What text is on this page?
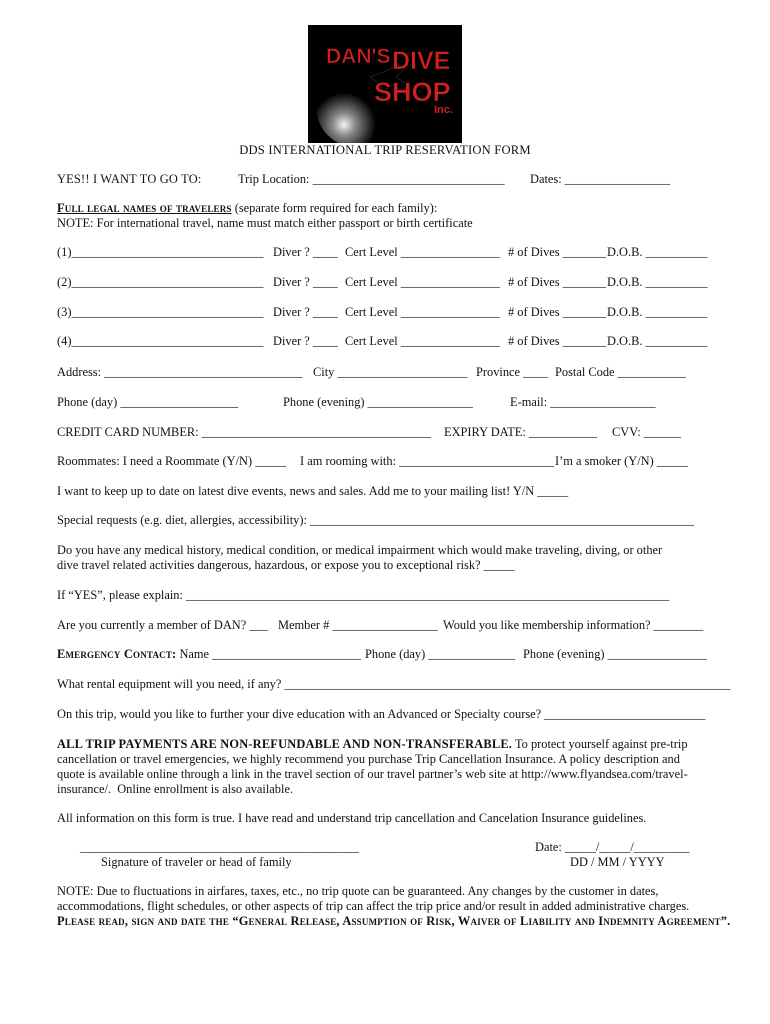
DAN'S DIVE
SHOP
Inc.
DDS INTERNATIONAL TRIP RESERVATION FORM
YES!! I WANT TO GO TO:	Trip Location: _______________________________ Dates: _________________
Full legal names of travelers (separate form required for each family):
NOTE: For international travel, name must match either passport or birth certificate
(1)_______________________________ Diver ? ____ Cert Level ________________ # of Dives _______ D.O.B. __________
(2)_______________________________ Diver ? ____ Cert Level ________________ # of Dives _______ D.O.B. __________
(3)_______________________________ Diver ? ____ Cert Level ________________ # of Dives _______ D.O.B. __________
(4)_______________________________ Diver ? ____ Cert Level ________________ # of Dives _______ D.O.B. __________
Address: ________________________________ City _____________________ Province ____ Postal Code ___________
Phone (day) ___________________	Phone (evening) _________________	E-mail: _________________
CREDIT CARD NUMBER: _____________________________________ EXPIRY DATE: ___________ CVV: ______
Roommates: I need a Roommate (Y/N) _____ I am rooming with: _________________________ I’m a smoker (Y/N) _____
I want to keep up to date on latest dive events, news and sales. Add me to your mailing list! Y/N _____
Special requests (e.g. diet, allergies, accessibility): ______________________________________________________________
Do you have any medical history, medical condition, or medical impairment which would make traveling, diving, or other
dive travel related activities dangerous, hazardous, or expose you to exceptional risk? _____
If “YES”, please explain: ______________________________________________________________________________
Are you currently a member of DAN? ___ Member # _________________ Would you like membership information? ________
Emergency Contact: Name ________________________ Phone (day) ______________ Phone (evening) ________________
What rental equipment will you need, if any? ________________________________________________________________________
On this trip, would you like to further your dive education with an Advanced or Specialty course? __________________________
ALL TRIP PAYMENTS ARE NON-REFUNDABLE AND NON-TRANSFERABLE. To protect yourself against pre-trip
cancellation or travel emergencies, we highly recommend you purchase Trip Cancellation Insurance. A policy description and
quote is available online through a link in the travel section of our travel partner’s web site at http://www.flyandsea.com/travel-
insurance/.  Online enrollment is also available.
All information on this form is true. I have read and understand trip cancellation and Cancelation Insurance guidelines.
_____________________________________________
Signature of traveler or head of family
Date: _____/_____/_________
DD / MM / YYYY
NOTE: Due to fluctuations in airfares, taxes, etc., no trip quote can be guaranteed. Any changes by the customer in dates,
accommodations, flight schedules, or other aspects of trip can affect the trip price and/or result in added administrative charges.
Please read, sign and date the “General Release, Assumption of Risk, Waiver of Liability and Indemnity Agreement”.
